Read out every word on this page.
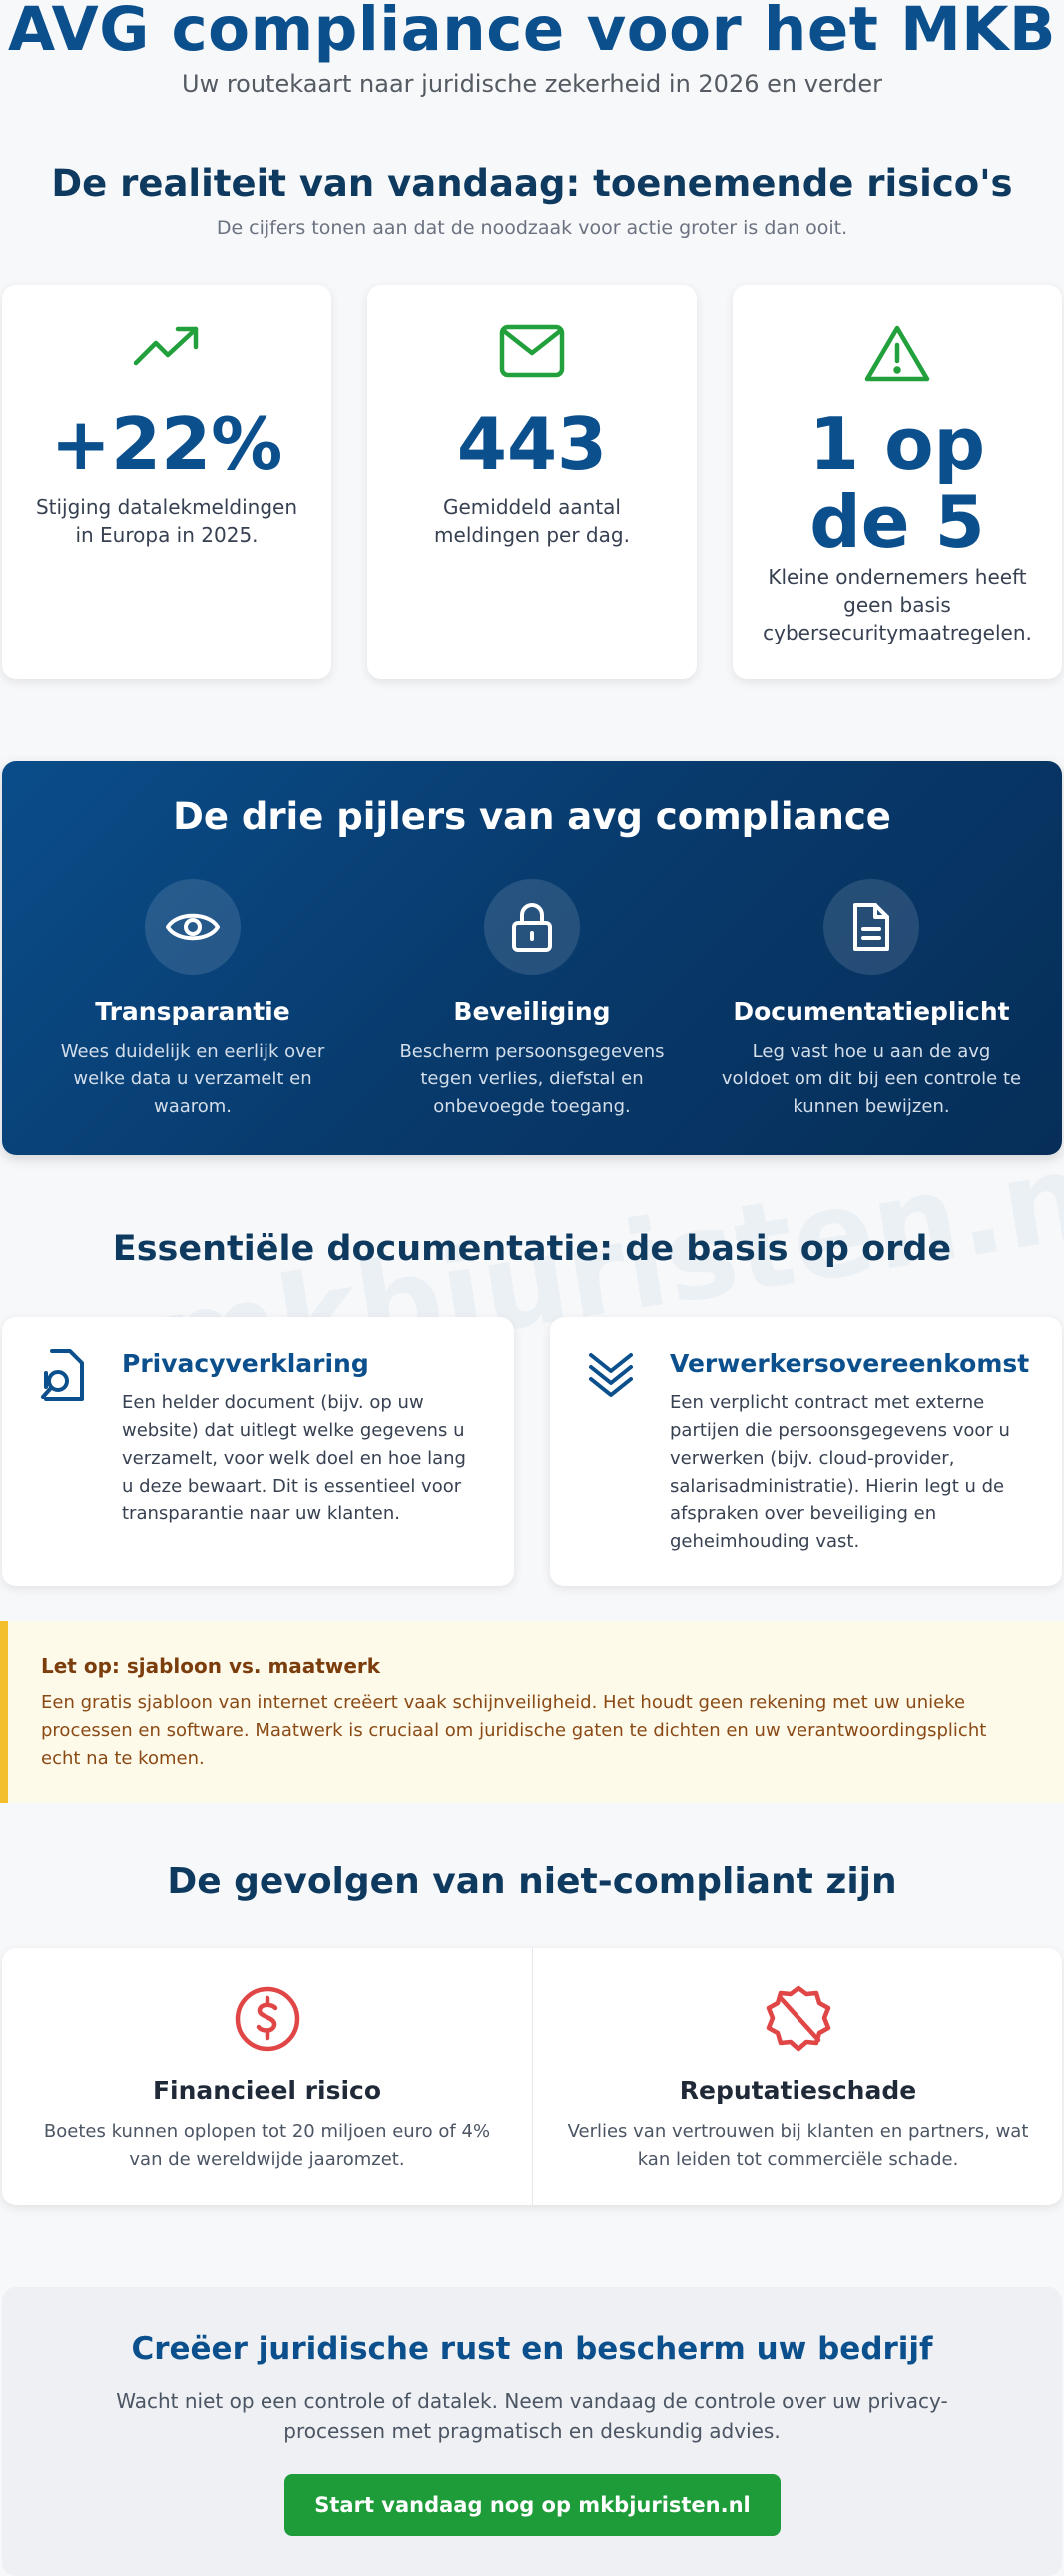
AVG compliance voor het MKB

Uw routekaart naar juridische zekerheid in 2026 en verder

De realiteit van vandaag: toenemende risico's

De cijfers tonen aan dat de noodzaak voor actie groter is dan ooit.

+22%
Stijging datalekmeldingen in Europa in 2025.
443
Gemiddeld aantal meldingen per dag.
1 op de 5
Kleine ondernemers heeft geen basis cybersecuritymaatregelen.
De drie pijlers van avg compliance
Transparantie
Wees duidelijk en eerlijk over welke data u verzamelt en waarom.
Beveiliging
Bescherm persoonsgegevens tegen verlies, diefstal en onbevoegde toegang.
Documentatieplicht
Leg vast hoe u aan de avg voldoet om dit bij een controle te kunnen bewijzen.
Essentiële documentatie: de basis op orde
Privacyverklaring
Een helder document (bijv. op uw website) dat uitlegt welke gegevens u verzamelt, voor welk doel en hoe lang u deze bewaart. Dit is essentieel voor transparantie naar uw klanten.
Verwerkersovereenkomst
Een verplicht contract met externe partijen die persoonsgegevens voor u verwerken (bijv. cloud-provider, salarisadministratie). Hierin legt u de afspraken over beveiliging en geheimhouding vast.
Let op: sjabloon vs. maatwerk
Een gratis sjabloon van internet creëert vaak schijnveiligheid. Het houdt geen rekening met uw unieke processen en software. Maatwerk is cruciaal om juridische gaten te dichten en uw verantwoordingsplicht echt na te komen.
De gevolgen van niet-compliant zijn
Financieel risico
Boetes kunnen oplopen tot 20 miljoen euro of 4% van de wereldwijde jaaromzet.
Reputatieschade
Verlies van vertrouwen bij klanten en partners, wat kan leiden tot commerciële schade.
Creëer juridische rust en bescherm uw bedrijf
Wacht niet op een controle of datalek. Neem vandaag de controle over uw privacy-processen met pragmatisch en deskundig advies.
Start vandaag nog op mkbjuristen.nl
